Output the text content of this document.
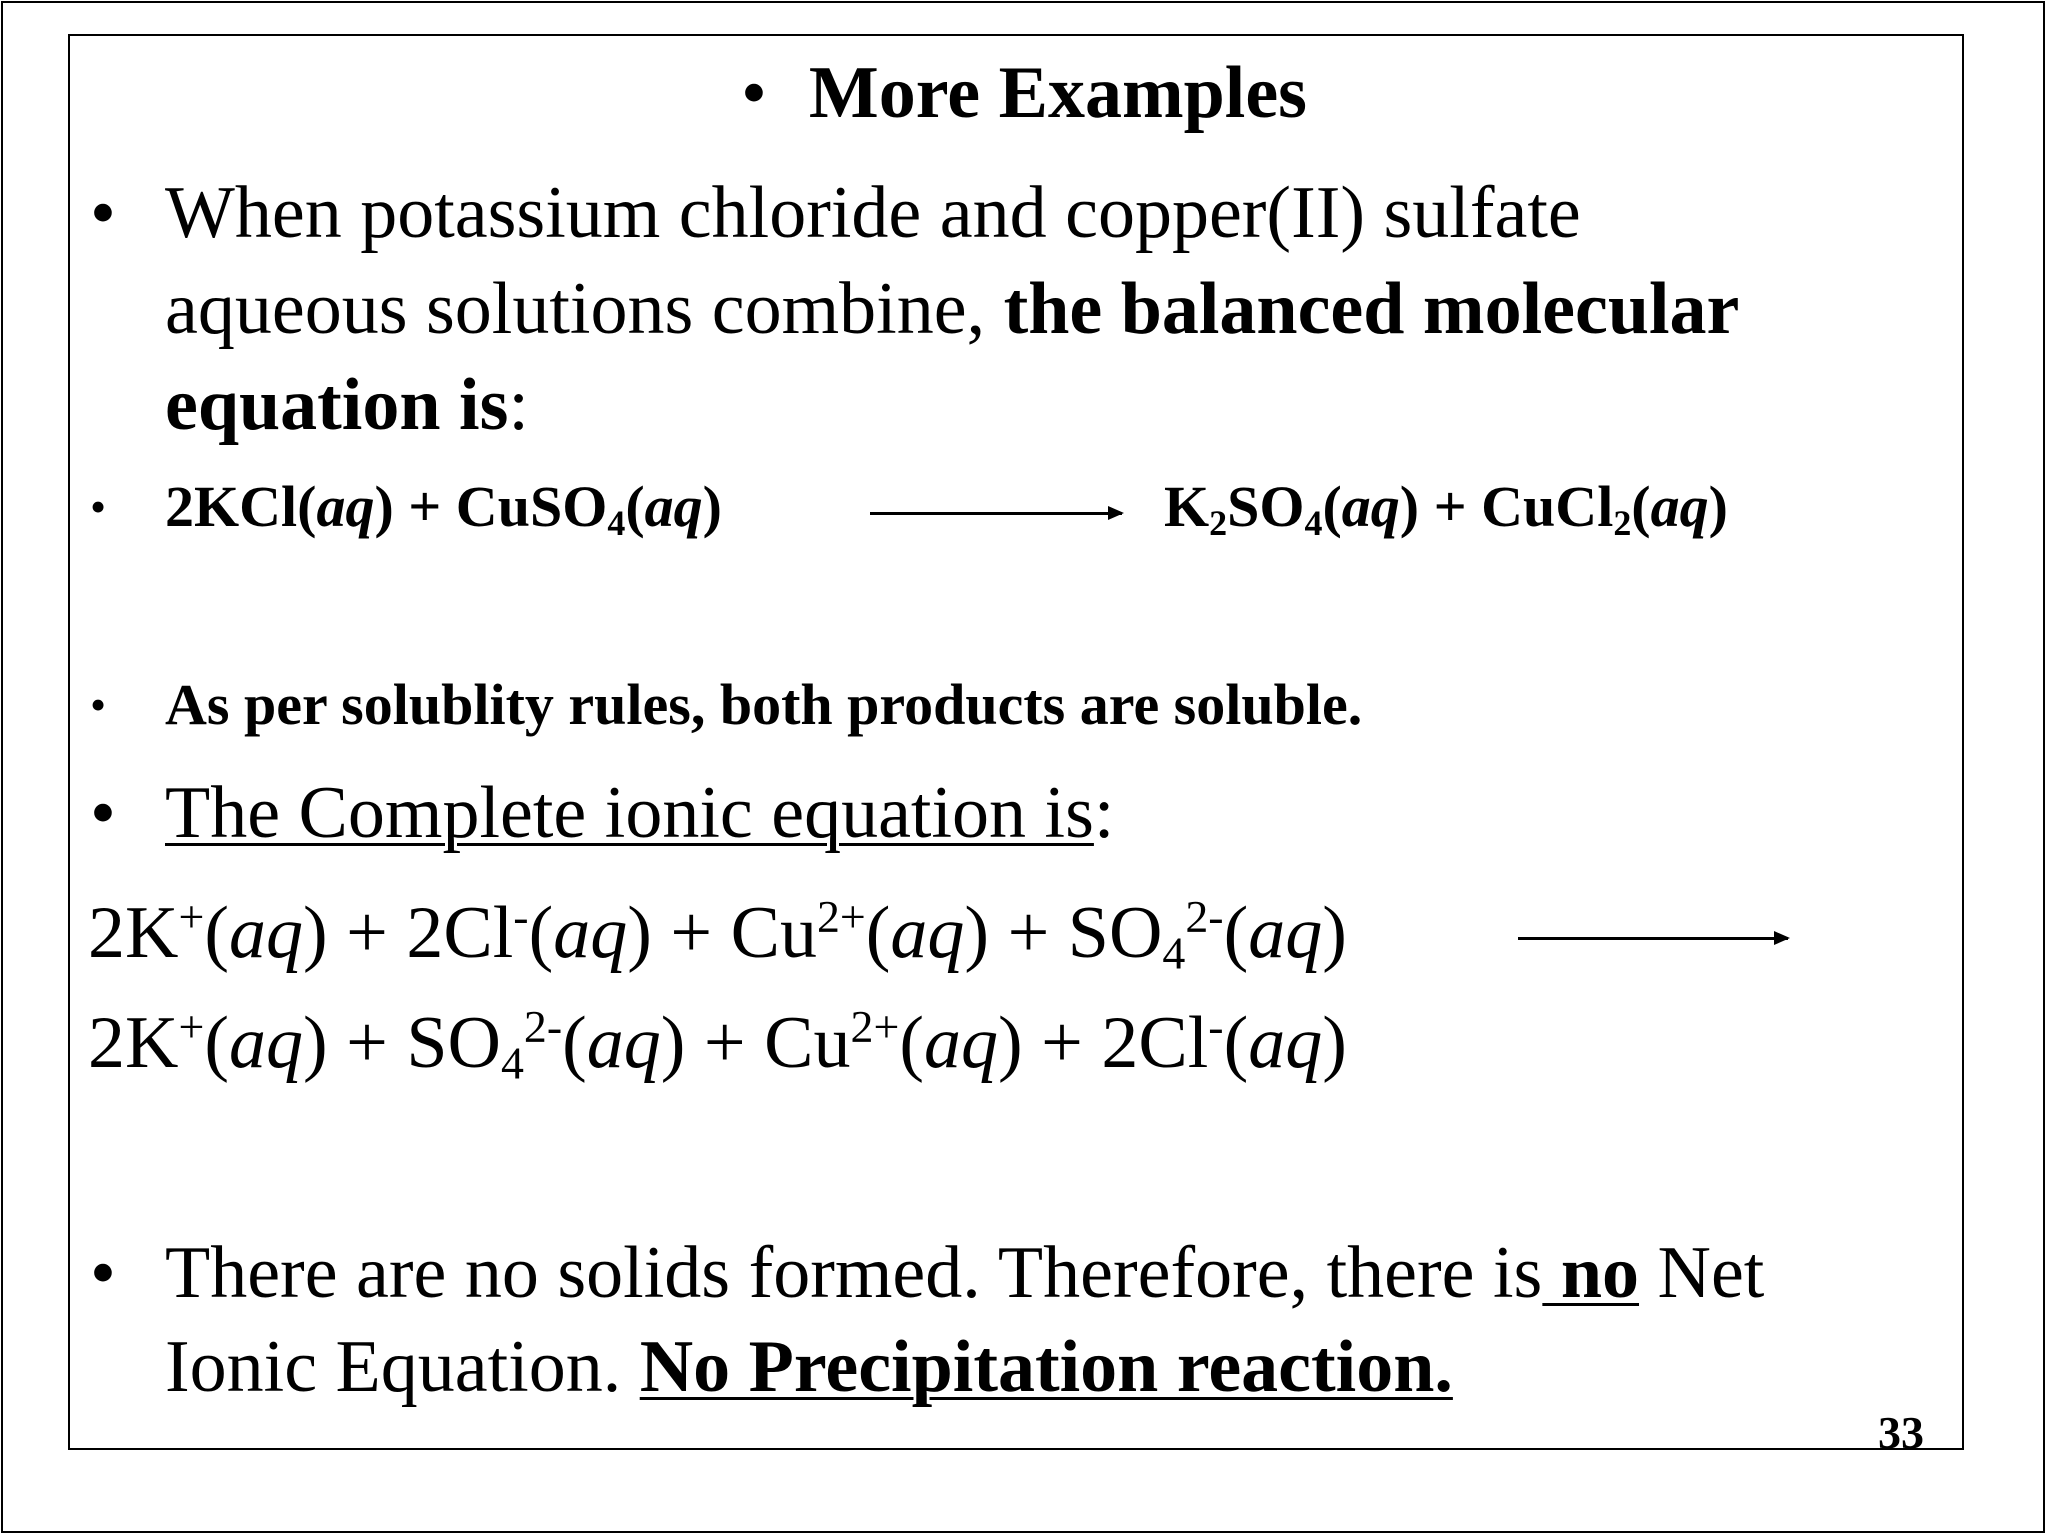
• More Examples
• When potassium chloride and copper(II) sulfate
aqueous solutions combine, the balanced molecular
equation is:
• 2KCl(aq) + CuSO$_4$(aq)	$K_2SO_4(aq)$ + CuCl$_2$(aq)
• As per solublity rules, both products are soluble.
• The Complete ionic equation is:
$2K^+(aq) + 2Cl^-(aq) + Cu^{2+}(aq) + SO_4^{2-}(aq)$
$2K^+(aq) + SO_4^{2-}(aq) + Cu^{2+}(aq) + 2Cl^-(aq)$
• There are no solids formed. Therefore, there is no Net
Ionic Equation. No Precipitation reaction.
33
